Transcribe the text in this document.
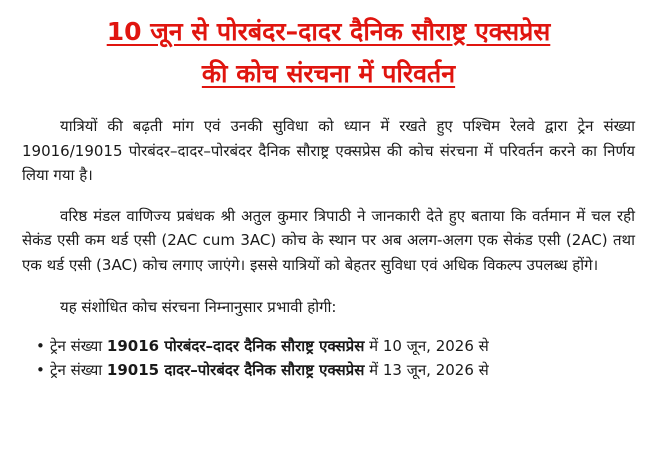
10 जून से पोरबंदर–दादर दैनिक सौराष्ट्र एक्सप्रेस
की कोच संरचना में परिवर्तन

यात्रियों की बढ़ती मांग एवं उनकी सुविधा को ध्यान में रखते हुए पश्चिम रेलवे द्वारा ट्रेन संख्या 19016/19015 पोरबंदर–दादर–पोरबंदर दैनिक सौराष्ट्र एक्सप्रेस की कोच संरचना में परिवर्तन करने का निर्णय लिया गया है।

वरिष्ठ मंडल वाणिज्य प्रबंधक श्री अतुल कुमार त्रिपाठी ने जानकारी देते हुए बताया कि वर्तमान में चल रही सेकंड एसी कम थर्ड एसी (2AC cum 3AC) कोच के स्थान पर अब अलग-अलग एक सेकंड एसी (2AC) तथा एक थर्ड एसी (3AC) कोच लगाए जाएंगे। इससे यात्रियों को बेहतर सुविधा एवं अधिक विकल्प उपलब्ध होंगे।

यह संशोधित कोच संरचना निम्नानुसार प्रभावी होगी:

• ट्रेन संख्या 19016 पोरबंदर–दादर दैनिक सौराष्ट्र एक्सप्रेस में 10 जून, 2026 से
• ट्रेन संख्या 19015 दादर–पोरबंदर दैनिक सौराष्ट्र एक्सप्रेस में 13 जून, 2026 से
